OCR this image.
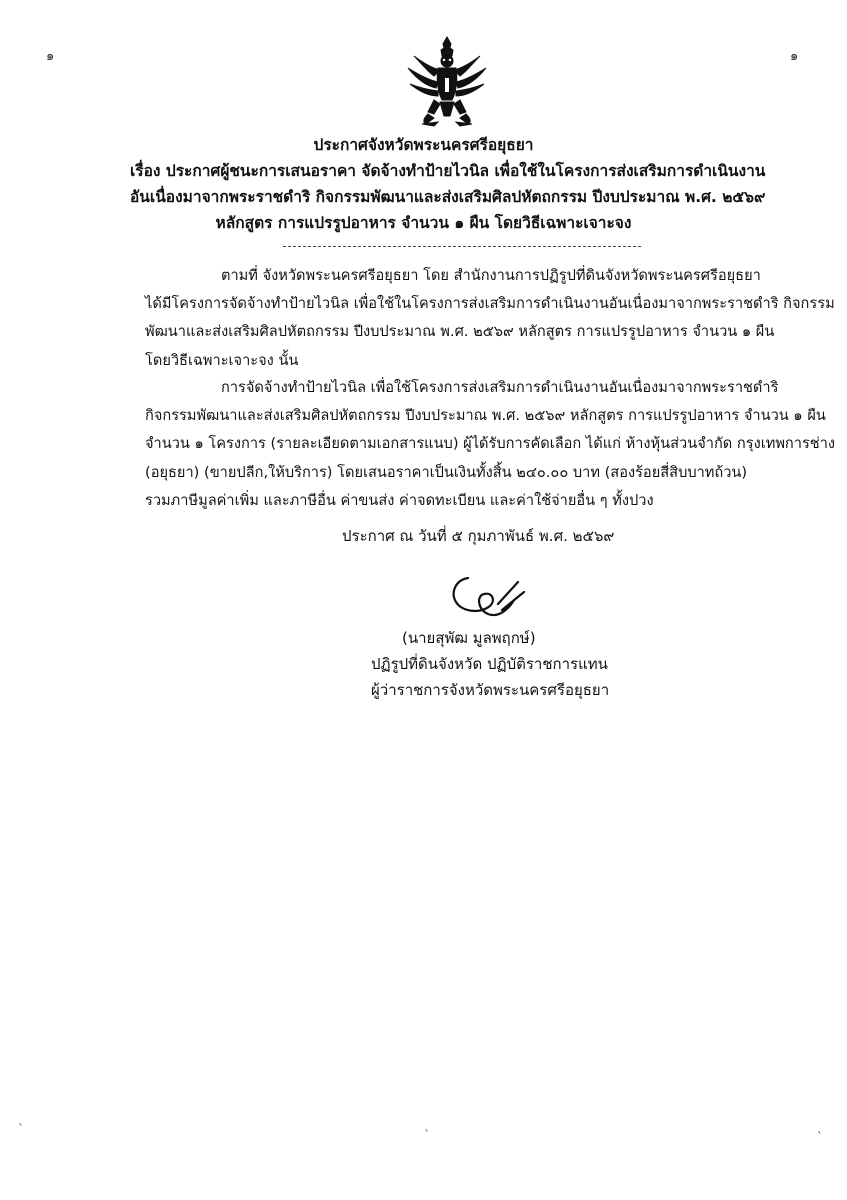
๑	๑
ประกาศจังหวัดพระนครศรีอยุธยา
เรื่อง ประกาศผู้ชนะการเสนอราคา จัดจ้างทำป้ายไวนิล เพื่อใช้ในโครงการส่งเสริมการดำเนินงาน
อันเนื่องมาจากพระราชดำริ กิจกรรมพัฒนาและส่งเสริมศิลปหัตถกรรม ปีงบประมาณ พ.ศ. ๒๕๖๙
หลักสูตร การแปรรูปอาหาร จำนวน ๑ ผืน โดยวิธีเฉพาะเจาะจง

ตามที่ จังหวัดพระนครศรีอยุธยา โดย สำนักงานการปฏิรูปที่ดินจังหวัดพระนครศรีอยุธยา
ได้มีโครงการจัดจ้างทำป้ายไวนิล เพื่อใช้ในโครงการส่งเสริมการดำเนินงานอันเนื่องมาจากพระราชดำริ กิจกรรม
พัฒนาและส่งเสริมศิลปหัตถกรรม ปีงบประมาณ พ.ศ. ๒๕๖๙ หลักสูตร การแปรรูปอาหาร จำนวน ๑ ผืน
โดยวิธีเฉพาะเจาะจง นั้น

การจัดจ้างทำป้ายไวนิล เพื่อใช้โครงการส่งเสริมการดำเนินงานอันเนื่องมาจากพระราชดำริ
กิจกรรมพัฒนาและส่งเสริมศิลปหัตถกรรม ปีงบประมาณ พ.ศ. ๒๕๖๙ หลักสูตร การแปรรูปอาหาร จำนวน ๑ ผืน
จำนวน ๑ โครงการ (รายละเอียดตามเอกสารแนบ) ผู้ได้รับการคัดเลือก ได้แก่ ห้างหุ้นส่วนจำกัด กรุงเทพการช่าง
(อยุธยา) (ขายปลีก,ให้บริการ) โดยเสนอราคาเป็นเงินทั้งสิ้น ๒๔๐.๐๐ บาท (สองร้อยสี่สิบบาทถ้วน)
รวมภาษีมูลค่าเพิ่ม และภาษีอื่น ค่าขนส่ง ค่าจดทะเบียน และค่าใช้จ่ายอื่น ๆ ทั้งปวง

ประกาศ ณ วันที่ ๕ กุมภาพันธ์ พ.ศ. ๒๕๖๙
(นายสุพัฒ มูลพฤกษ์)
ปฏิรูปที่ดินจังหวัด ปฏิบัติราชการแทน
ผู้ว่าราชการจังหวัดพระนครศรีอยุธยา
`	`	`
